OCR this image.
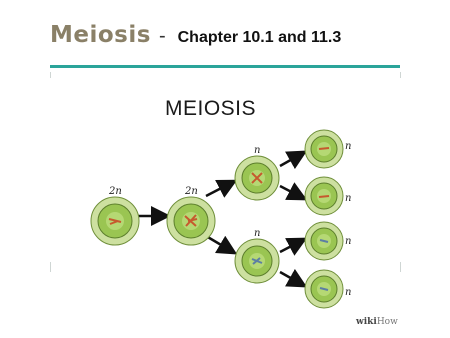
Meiosis - Chapter 10.1 and 11.3
MEIOSIS
2n	2n
n
n
n
n
n
n
wikiHow
